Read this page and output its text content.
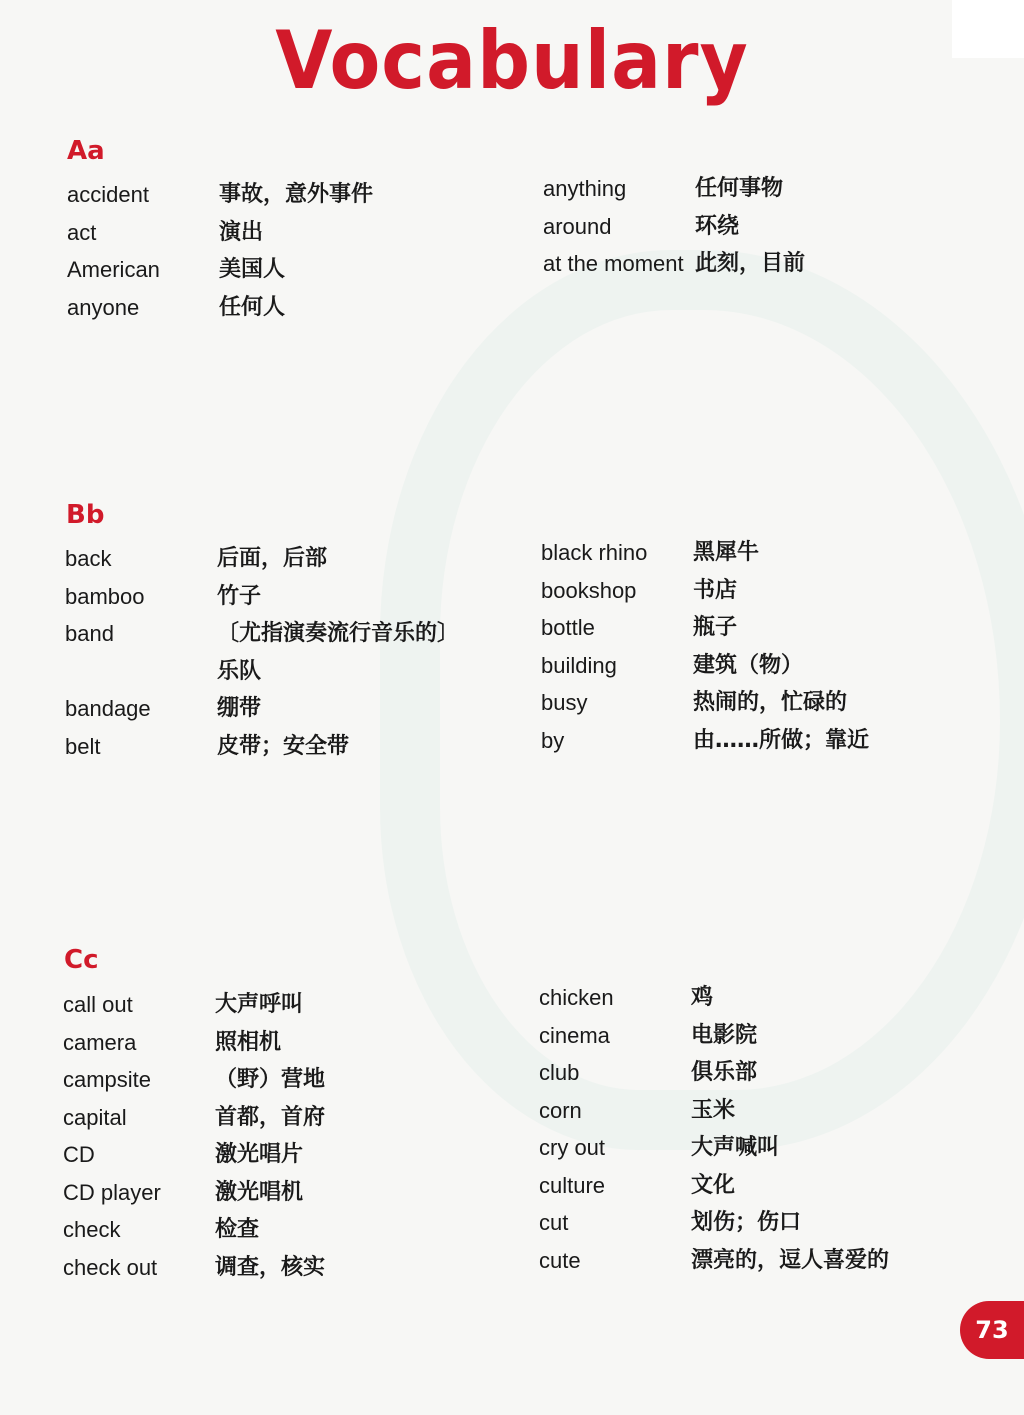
Vocabulary
Aa
accident	事故，意外事件
act	演出
American	美国人
anyone	任何人
anything	任何事物
around	环绕
at the moment 此刻，目前
Bb
back	后面，后部
bamboo	竹子
band	〔尤指演奏流行音乐的〕
乐队
bandage	绷带
belt	皮带；安全带
black rhino 黑犀牛
bookshop	书店
bottle	瓶子
building	建筑（物）
busy	热闹的，忙碌的
by	由……所做；靠近
Cc
call out	大声呼叫
camera	照相机
campsite	（野）营地
capital	首都，首府
CD	激光唱片
CD player 激光唱机
check	检查
check out	调查，核实
chicken	鸡
cinema	电影院
club	俱乐部
corn	玉米
cry out	大声喊叫
culture	文化
cut	划伤；伤口
cute	漂亮的，逗人喜爱的
73
